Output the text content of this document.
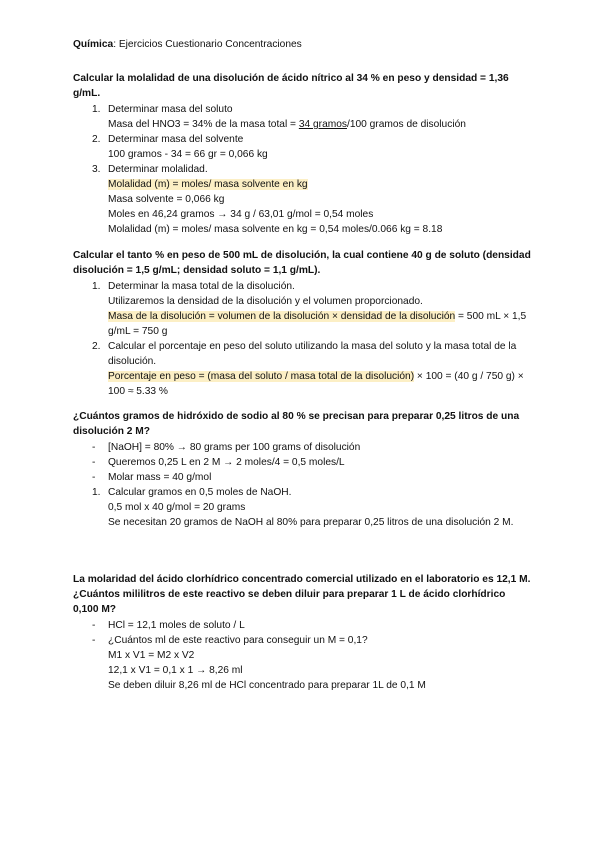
Química: Ejercicios Cuestionario Concentraciones
Calcular la molalidad de una disolución de ácido nítrico al 34 % en peso y densidad = 1,36 g/mL.
1. Determinar masa del soluto
Masa del HNO3 = 34% de la masa total = 34 gramos/100 gramos de disolución
2. Determinar masa del solvente
100 gramos - 34 = 66 gr = 0,066 kg
3. Determinar molalidad.
Molalidad (m) = moles/ masa solvente en kg
Masa solvente = 0,066 kg
Moles en 46,24 gramos → 34 g / 63,01 g/mol = 0,54 moles
Molalidad (m) = moles/ masa solvente en kg = 0,54 moles/0.066 kg = 8.18
Calcular el tanto % en peso de 500 mL de disolución, la cual contiene 40 g de soluto (densidad disolución = 1,5 g/mL; densidad soluto = 1,1 g/mL).
1. Determinar la masa total de la disolución.
Utilizaremos la densidad de la disolución y el volumen proporcionado.
Masa de la disolución = volumen de la disolución × densidad de la disolución = 500 mL × 1,5 g/mL = 750 g
2. Calcular el porcentaje en peso del soluto utilizando la masa del soluto y la masa total de la disolución.
Porcentaje en peso = (masa del soluto / masa total de la disolución) × 100 = (40 g / 750 g) × 100 ≈ 5.33 %
¿Cuántos gramos de hidróxido de sodio al 80 % se precisan para preparar 0,25 litros de una disolución 2 M?
- [NaOH] = 80% → 80 grams per 100 grams of disolución
- Queremos 0,25 L en 2 M → 2 moles/4 = 0,5 moles/L
- Molar mass = 40 g/mol
1. Calcular gramos en 0,5 moles de NaOH.
0,5 mol x 40 g/mol = 20 grams
Se necesitan 20 gramos de NaOH al 80% para preparar 0,25 litros de una disolución 2 M.
La molaridad del ácido clorhídrico concentrado comercial utilizado en el laboratorio es 12,1 M. ¿Cuántos mililitros de este reactivo se deben diluir para preparar 1 L de ácido clorhídrico 0,100 M?
- HCl = 12,1 moles de soluto / L
- ¿Cuántos ml de este reactivo para conseguir un M = 0,1?
M1 x V1 = M2 x V2
12,1 x V1 = 0,1 x 1 → 8,26 ml
Se deben diluir 8,26 ml de HCl concentrado para preparar 1L de 0,1 M
